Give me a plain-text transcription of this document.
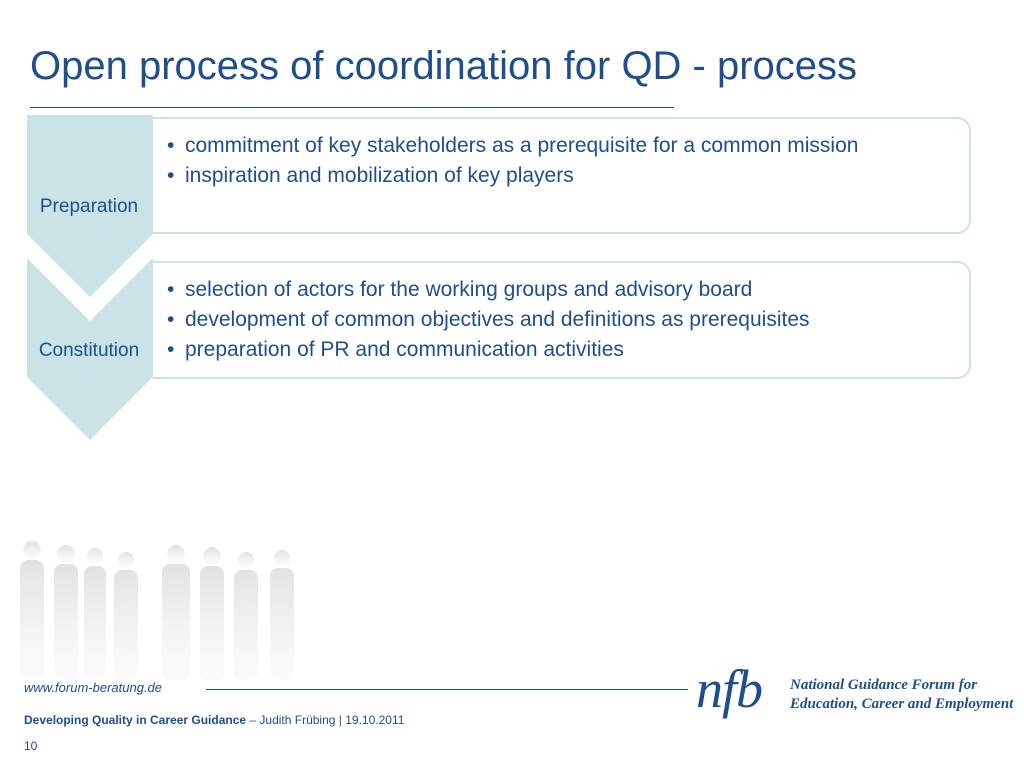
Open process of coordination for QD - process
Preparation
• commitment of key stakeholders as a prerequisite for a common mission
• inspiration and mobilization of key players
Constitution
• selection of actors for the working groups and advisory board
• development of common objectives and definitions as prerequisites
• preparation of PR and communication activities
www.forum-beratung.de	nfb National Guidance Forum for
Education, Career and Employment
Developing Quality in Career Guidance – Judith Frübing | 19.10.2011
10
